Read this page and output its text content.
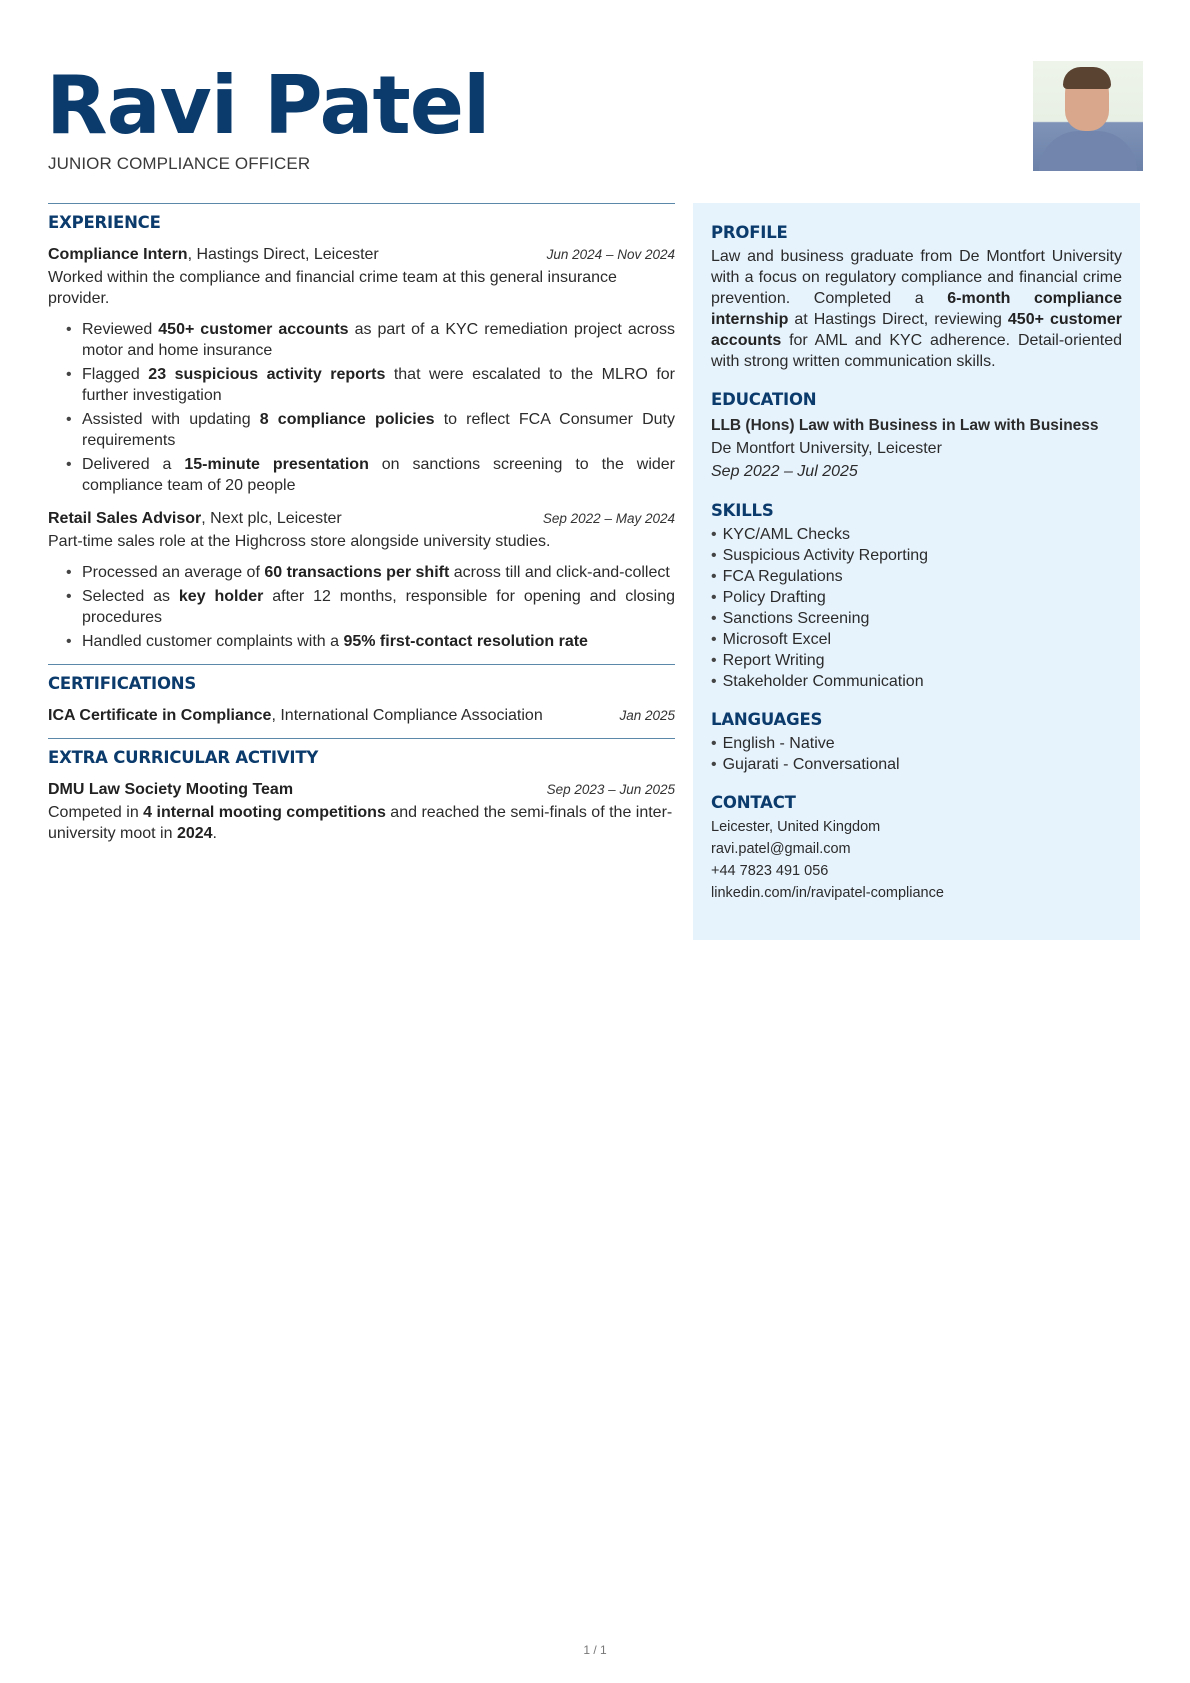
Ravi Patel
JUNIOR COMPLIANCE OFFICER
EXPERIENCE
Compliance Intern, Hastings Direct, Leicester	Jun 2024 – Nov 2024
Worked within the compliance and financial crime team at this general insurance provider.
• Reviewed 450+ customer accounts as part of a KYC remediation project across motor and home insurance
• Flagged 23 suspicious activity reports that were escalated to the MLRO for further investigation
• Assisted with updating 8 compliance policies to reflect FCA Consumer Duty requirements
• Delivered a 15-minute presentation on sanctions screening to the wider compliance team of 20 people
Retail Sales Advisor, Next plc, Leicester	Sep 2022 – May 2024
Part-time sales role at the Highcross store alongside university studies.
• Processed an average of 60 transactions per shift across till and click-and-collect
• Selected as key holder after 12 months, responsible for opening and closing procedures
• Handled customer complaints with a 95% first-contact resolution rate
CERTIFICATIONS
ICA Certificate in Compliance, International Compliance Association	Jan 2025
EXTRA CURRICULAR ACTIVITY
DMU Law Society Mooting Team	Sep 2023 – Jun 2025
Competed in 4 internal mooting competitions and reached the semi-finals of the inter-university moot in 2024.
PROFILE
Law and business graduate from De Montfort University with a focus on regulatory compliance and financial crime prevention. Completed a 6-month compliance internship at Hastings Direct, reviewing 450+ customer accounts for AML and KYC adherence. Detail-oriented with strong written communication skills.
EDUCATION
LLB (Hons) Law with Business in Law with Business
De Montfort University, Leicester
Sep 2022 – Jul 2025
SKILLS
• KYC/AML Checks
• Suspicious Activity Reporting
• FCA Regulations
• Policy Drafting
• Sanctions Screening
• Microsoft Excel
• Report Writing
• Stakeholder Communication
LANGUAGES
• English - Native
• Gujarati - Conversational
CONTACT
Leicester, United Kingdom
ravi.patel@gmail.com
+44 7823 491 056
linkedin.com/in/ravipatel-compliance
1 / 1
